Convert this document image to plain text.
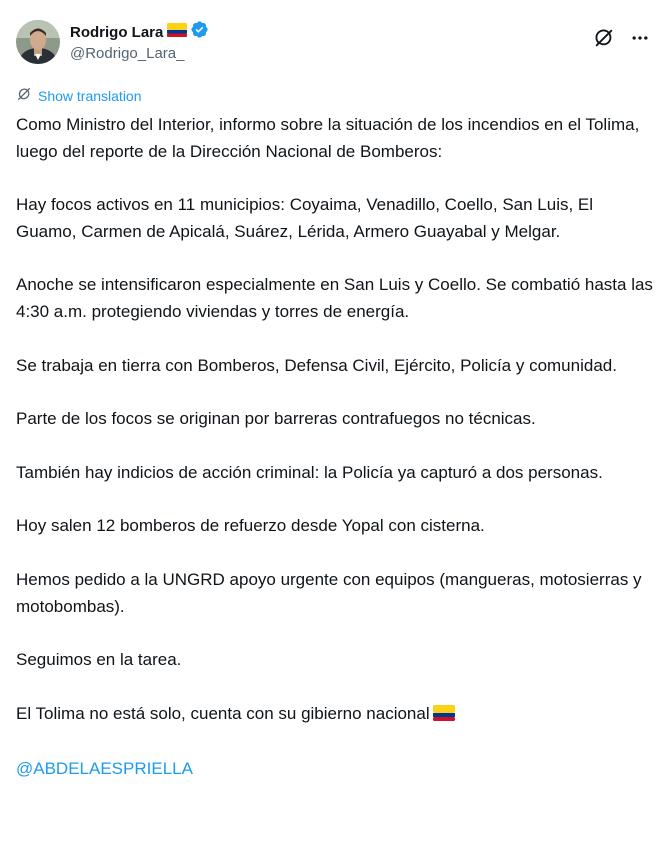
Rodrigo Lara
@Rodrigo_Lara_
Show translation

Como Ministro del Interior, informo sobre la situación de los incendios en el Tolima, luego del reporte de la Dirección Nacional de Bomberos:

Hay focos activos en 11 municipios: Coyaima, Venadillo, Coello, San Luis, El Guamo, Carmen de Apicalá, Suárez, Lérida, Armero Guayabal y Melgar.

Anoche se intensificaron especialmente en San Luis y Coello. Se combatió hasta las 4:30 a.m. protegiendo viviendas y torres de energía.

Se trabaja en tierra con Bomberos, Defensa Civil, Ejército, Policía y comunidad.

Parte de los focos se originan por barreras contrafuegos no técnicas.

También hay indicios de acción criminal: la Policía ya capturó a dos personas.

Hoy salen 12 bomberos de refuerzo desde Yopal con cisterna.

Hemos pedido a la UNGRD apoyo urgente con equipos (mangueras, motosierras y motobombas).

Seguimos en la tarea.

El Tolima no está solo, cuenta con su gibierno nacional

@ABDELAESPRIELLA
